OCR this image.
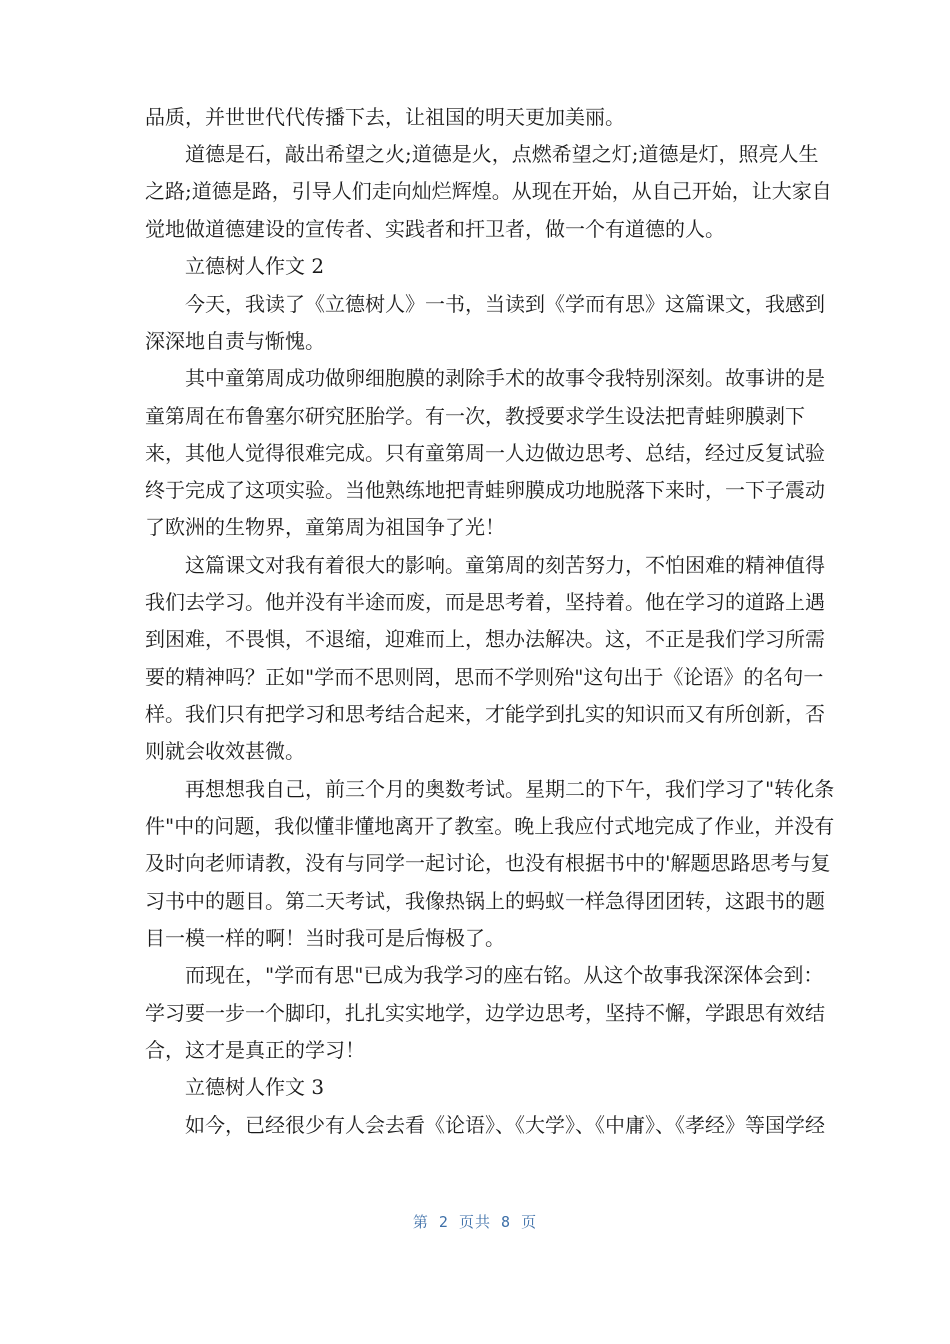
品质，并世世代代传播下去，让祖国的明天更加美丽。
道德是石，敲出希望之火;道德是火，点燃希望之灯;道德是灯，照亮人生
之路;道德是路，引导人们走向灿烂辉煌。从现在开始，从自己开始，让大家自
觉地做道德建设的宣传者、实践者和扞卫者，做一个有道德的人。
立德树人作文 2
今天，我读了《立德树人》一书，当读到《学而有思》这篇课文，我感到
深深地自责与惭愧。
其中童第周成功做卵细胞膜的剥除手术的故事令我特别深刻。故事讲的是
童第周在布鲁塞尔研究胚胎学。有一次，教授要求学生设法把青蛙卵膜剥下
来，其他人觉得很难完成。只有童第周一人边做边思考、总结，经过反复试验
终于完成了这项实验。当他熟练地把青蛙卵膜成功地脱落下来时，一下子震动
了欧洲的生物界，童第周为祖国争了光！
这篇课文对我有着很大的影响。童第周的刻苦努力，不怕困难的精神值得
我们去学习。他并没有半途而废，而是思考着，坚持着。他在学习的道路上遇
到困难，不畏惧，不退缩，迎难而上，想办法解决。这，不正是我们学习所需
要的精神吗？正如"学而不思则罔，思而不学则殆"这句出于《论语》的名句一
样。我们只有把学习和思考结合起来，才能学到扎实的知识而又有所创新，否
则就会收效甚微。
再想想我自己，前三个月的奥数考试。星期二的下午，我们学习了"转化条
件"中的问题，我似懂非懂地离开了教室。晚上我应付式地完成了作业，并没有
及时向老师请教，没有与同学一起讨论，也没有根据书中的'解题思路思考与复
习书中的题目。第二天考试，我像热锅上的蚂蚁一样急得团团转，这跟书的题
目一模一样的啊！当时我可是后悔极了。
而现在，"学而有思"已成为我学习的座右铭。从这个故事我深深体会到：
学习要一步一个脚印，扎扎实实地学，边学边思考，坚持不懈，学跟思有效结
合，这才是真正的学习！
立德树人作文 3
如今，已经很少有人会去看《论语》、《大学》、《中庸》、《孝经》等国学经
第 2 页共 8 页
